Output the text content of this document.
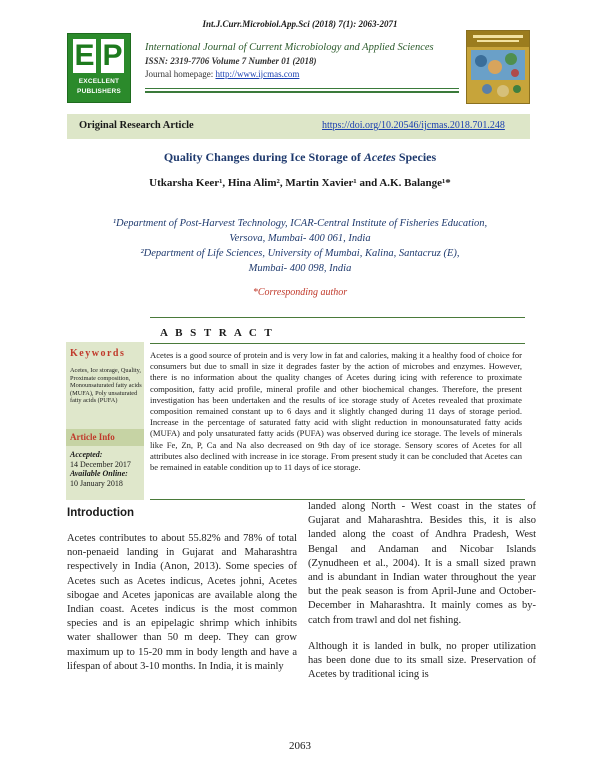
Int.J.Curr.Microbiol.App.Sci (2018) 7(1): 2063-2071
E P
EXCELLENT
PUBLISHERS
International Journal of Current Microbiology and Applied Sciences
ISSN: 2319-7706 Volume 7 Number 01 (2018)
Journal homepage: http://www.ijcmas.com
Original Research Article	https://doi.org/10.20546/ijcmas.2018.701.248
Quality Changes during Ice Storage of Acetes Species
Utkarsha Keer¹, Hina Alim², Martin Xavier¹ and A.K. Balange¹*
¹Department of Post-Harvest Technology, ICAR-Central Institute of Fisheries Education,
Versova, Mumbai- 400 061, India
²Department of Life Sciences, University of Mumbai, Kalina, Santacruz (E),
Mumbai- 400 098, India
*Corresponding author
A B S T R A C T
Keywords
Acetes, Ice storage, Quality, Proximate composition, Monounsaturated fatty acids (MUFA), Poly unsaturated fatty acids (PUFA)
Article Info
Accepted:
14 December 2017
Available Online:
10 January 2018
Acetes is a good source of protein and is very low in fat and calories, making it a healthy food of choice for consumers but due to small in size it degrades faster by the action of microbes and enzymes. However, there is no information about the quality changes of Acetes during icing with reference to proximate composition, fatty acid profile, mineral profile and other biochemical changes. Therefore, the present investigation has been undertaken and the results of ice storage study of Acetes revealed that proximate composition remained constant up to 6 days and it slightly changed during 11 days of storage period. Increase in the percentage of saturated fatty acid with slight reduction in monounsaturated fatty acids (MUFA) and poly unsaturated fatty acids (PUFA) was observed during ice storage. The levels of minerals like Fe, Zn, P, Ca and Na also decreased on 9th day of ice storage. Sensory scores of Acetes for all attributes also declined with increase in ice storage. From present study it can be concluded that Acetes can be remained in eatable condition up to 11 days of ice storage.
Introduction
Acetes contributes to about 55.82% and 78% of total non-penaeid landing in Gujarat and Maharashtra respectively in India (Anon, 2013). Some species of Acetes such as Acetes indicus, Acetes johni, Acetes sibogae and Acetes japonicas are available along the Indian coast. Acetes indicus is the most common species and is an epipelagic shrimp which inhibits water shallower than 50 m deep. They can grow maximum up to 15-20 mm in body length and have a lifespan of about 3-10 months. In India, it is mainly

landed along North - West coast in the states of Gujarat and Maharashtra. Besides this, it is also landed along the coast of Andhra Pradesh, West Bengal and Andaman and Nicobar Islands (Zynudheen et al., 2004). It is a small sized prawn and is abundant in Indian water throughout the year but the peak season is from April-June and October-December in Maharashtra. It mainly comes as by-catch from trawl and dol net fishing.

Although it is landed in bulk, no proper utilization has been done due to its small size. Preservation of Acetes by traditional icing is

2063
